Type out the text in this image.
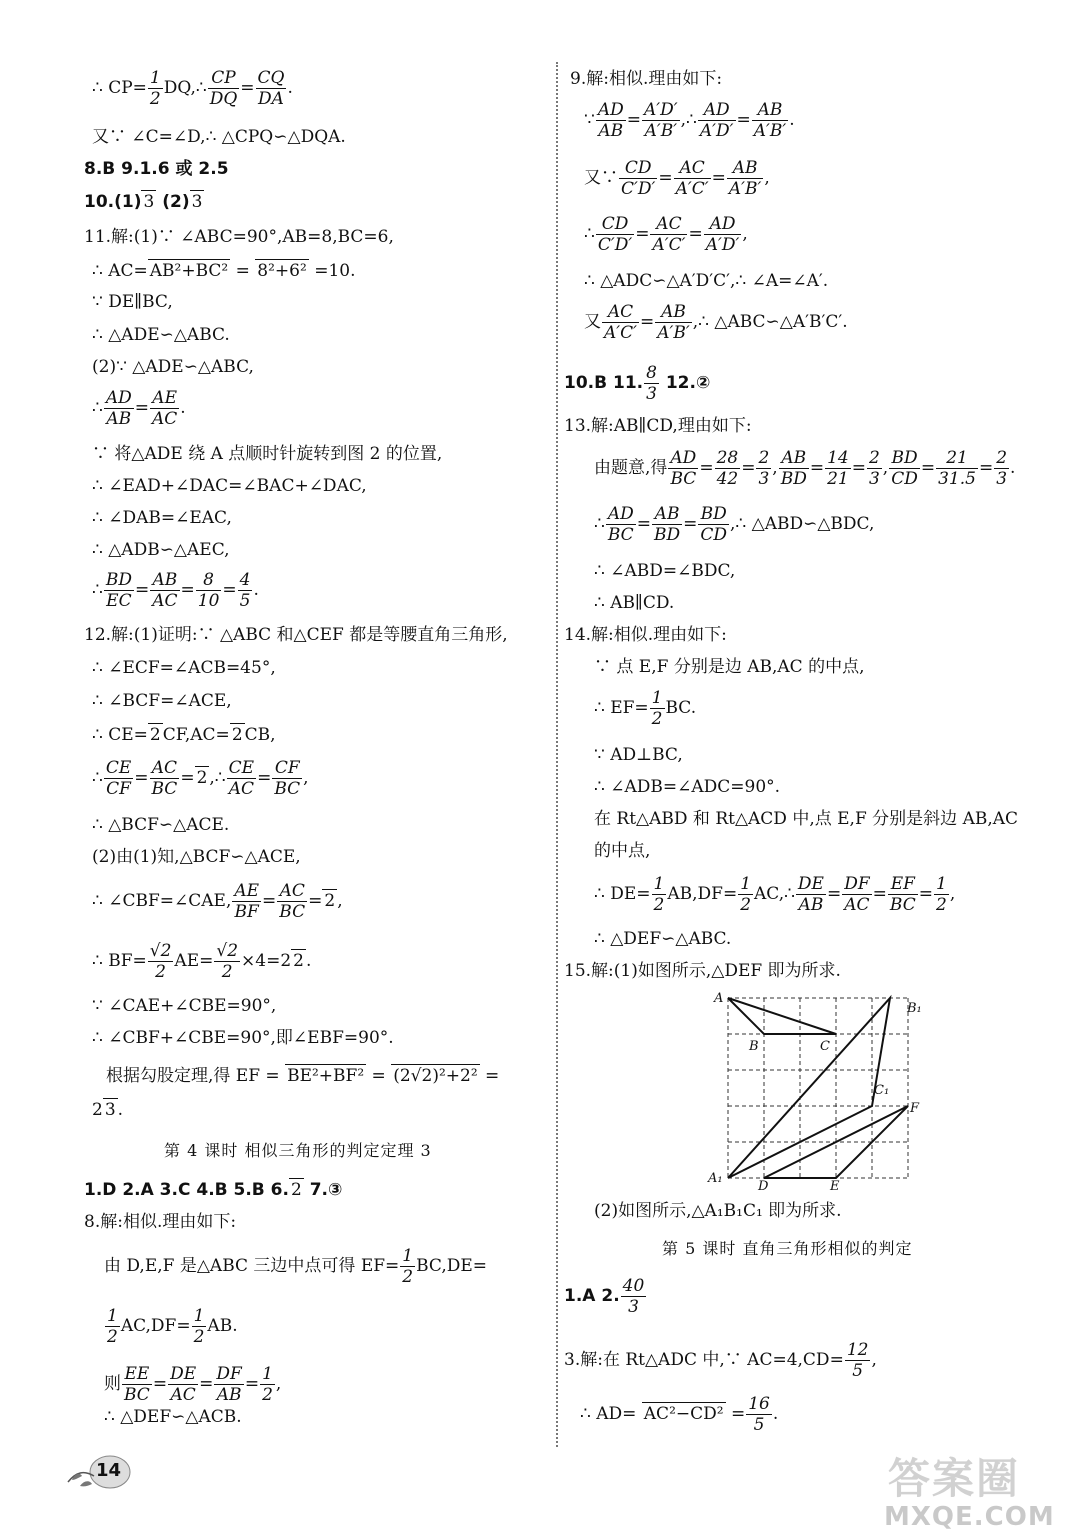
∴ $CP= \frac{1}{2}$ DQ,∴ $\frac{CP}{DQ} = \frac{CQ}{DA}$ .
又∵ ∠C=∠D,∴ △CPQ∽△DQA.
8.B 9.1.6 或 2.5
10.(1) 3 (2) 3
11.解:(1)∵ ∠ABC=90°,AB=8,BC=6,
∴ AC= AB²+BC² = 8²+6² =10.
∵ DE∥BC,
∴ △ADE∽△ABC.
(2)∵ △ADE∽△ABC,
∴ $\frac{AD}{AB} = \frac{AE}{AC}$ .
∵ 将△ADE 绕 A 点顺时针旋转到图 2 的位置,
∴ ∠EAD+∠DAC=∠BAC+∠DAC,
∴ ∠DAB=∠EAC,
∴ △ADB∽△AEC,
∴ $\frac{BD}{EC} = \frac{AB}{AC} = \frac{8}{10} = \frac{4}{5}$ .
12.解:(1)证明:∵ △ABC 和△CEF 都是等腰直角三角形,
∴ ∠ECF=∠ACB=45°,
∴ ∠BCF=∠ACE,
∴ CE= 2 CF,AC= 2 CB,
∴ $\frac{CE}{CF} = \frac{AC}{BC} = 2$ ,∴ $\frac{CE}{AC} = \frac{CF}{BC}$ ,
∴ △BCF∽△ACE.
(2)由(1)知,△BCF∽△ACE,
∴ ∠CBF=∠CAE, $\frac{AE}{BF} = \frac{AC}{BC} = 2$ ,
∴ $BF= \frac{√2}{2} AE= \frac{√2}{2} \times 4=2$ 2 .
∵ ∠CAE+∠CBE=90°,
∴ ∠CBF+∠CBE=90°,即∠EBF=90°.
根据勾股定理,得 EF = BE²+BF² = (2√2)²+2² =
2 3 .
第 4 课时 相似三角形的判定定理 3
1.D 2.A 3.C 4.B 5.B 6. 2 7.③
8.解:相似.理由如下:
由 D,E,F 是△ABC 三边中点可得 $EF= \frac{1}{2} BC,DE=$
$\frac{1}{2} AC,DF= \frac{1}{2}$ AB.
则 $\frac{EE}{BC} = \frac{DE}{AC} = \frac{DF}{AB} = \frac{1}{2}$ ,
∴ △DEF∽△ACB.
9.解:相似.理由如下:
∵ $\frac{AD}{AB} = \frac{A'D'}{A'B'}$ ,∴ $\frac{AD}{A'D'} = \frac{AB}{A'B'}$ .
又∵ $\frac{CD}{C'D'} = \frac{AC}{A'C'} = \frac{AB}{A'B'}$ ,
∴ $\frac{CD}{C'D'} = \frac{AC}{A'C'} = \frac{AD}{A'D'}$ ,
∴ △ADC∽△A′D′C′,∴ ∠A=∠A′.
又 $\frac{AC}{A'C'} = \frac{AB}{A'B'}$ ,∴ △ABC∽△A′B′C′.
10.B 11. $\frac{8}{3}$ 12.②
13.解:AB∥CD,理由如下:
由题意,得 $\frac{AD}{BC} = \frac{28}{42} = \frac{2}{3}$ , $\frac{AB}{BD} = \frac{14}{21} = \frac{2}{3}$ , $\frac{BD}{CD} = \frac{21}{31.5} = \frac{2}{3}$ .
∴ $\frac{AD}{BC} = \frac{AB}{BD} = \frac{BD}{CD}$ ,∴ △ABD∽△BDC,
∴ ∠ABD=∠BDC,
∴ AB∥CD.
14.解:相似.理由如下:
∵ 点 E,F 分别是边 AB,AC 的中点,
∴ $EF= \frac{1}{2}$ BC.
∵ AD⊥BC,
∴ ∠ADB=∠ADC=90°.
在 Rt△ABD 和 Rt△ACD 中,点 E,F 分别是斜边 AB,AC
的中点,
∴ $DE= \frac{1}{2} AB,DF= \frac{1}{2}$ AC,∴ $\frac{DE}{AB} = \frac{DF}{AC} = \frac{EF}{BC} = \frac{1}{2}$ ,
∴ △DEF∽△ABC.
15.解:(1)如图所示,△DEF 即为所求.
(2)如图所示,△A₁B₁C₁ 即为所求.
第 5 课时 直角三角形相似的判定
1.A 2. $\frac{40}{3}$
3.解:在 Rt△ADC 中,∵ $AC=4,CD= \frac{12}{5}$ ,
∴ $AD= AC^2-CD^2 = \frac{16}{5}$ .
A
B	C
B₁
C₁
F
A₁
D	E
14	答案圈
MXQE.COM
